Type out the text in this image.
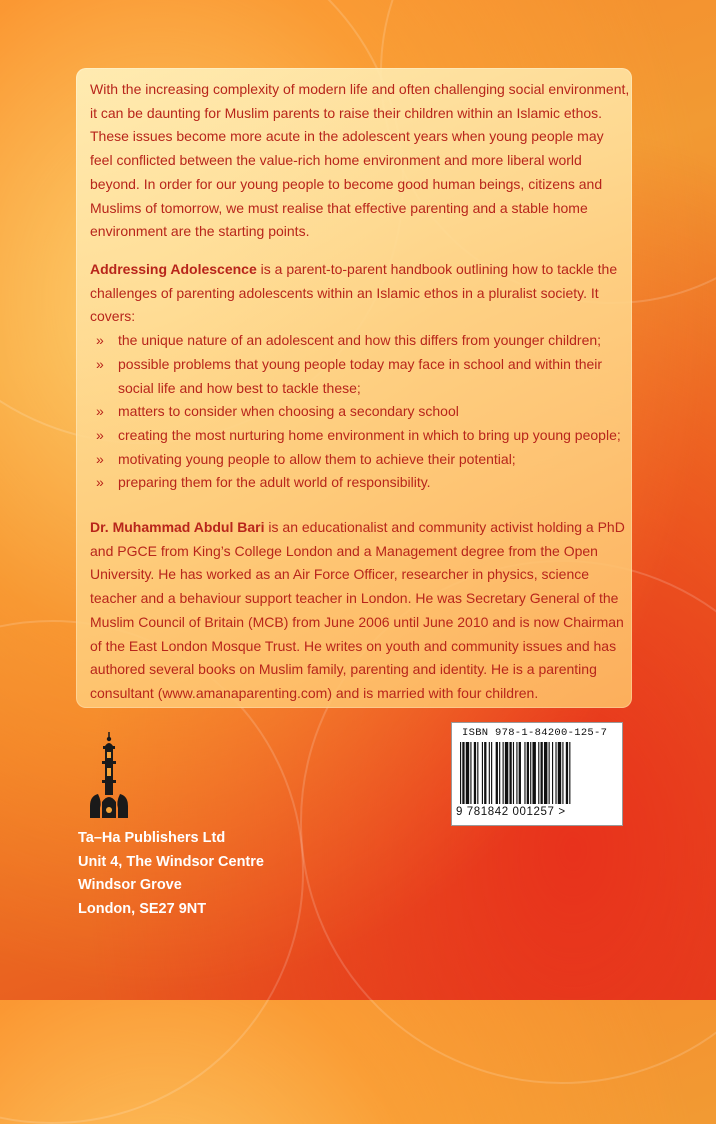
With the increasing complexity of modern life and often challenging social environment, it can be daunting for Muslim parents to raise their children within an Islamic ethos. These issues become more acute in the adolescent years when young people may feel conflicted between the value-rich home environment and more liberal world beyond. In order for our young people to become good human beings, citizens and Muslims of tomorrow, we must realise that effective parenting and a stable home environment are the starting points.
Addressing Adolescence is a parent-to-parent handbook outlining how to tackle the challenges of parenting adolescents within an Islamic ethos in a pluralist society. It covers:
» the unique nature of an adolescent and how this differs from younger children;
» possible problems that young people today may face in school and within their social life and how best to tackle these;
» matters to consider when choosing a secondary school
» creating the most nurturing home environment in which to bring up young people;
» motivating young people to allow them to achieve their potential;
» preparing them for the adult world of responsibility.
Dr. Muhammad Abdul Bari is an educationalist and community activist holding a PhD and PGCE from King’s College London and a Management degree from the Open University. He has worked as an Air Force Officer, researcher in physics, science teacher and a behaviour support teacher in London. He was Secretary General of the Muslim Council of Britain (MCB) from June 2006 until June 2010 and is now Chairman of the East London Mosque Trust. He writes on youth and community issues and has authored several books on Muslim family, parenting and identity. He is a parenting consultant (www.amanaparenting.com) and is married with four children.
Ta–Ha Publishers Ltd
Unit 4, The Windsor Centre
Windsor Grove
London, SE27 9NT
ISBN 978-1-84200-125-7
9 781842 001257 >
